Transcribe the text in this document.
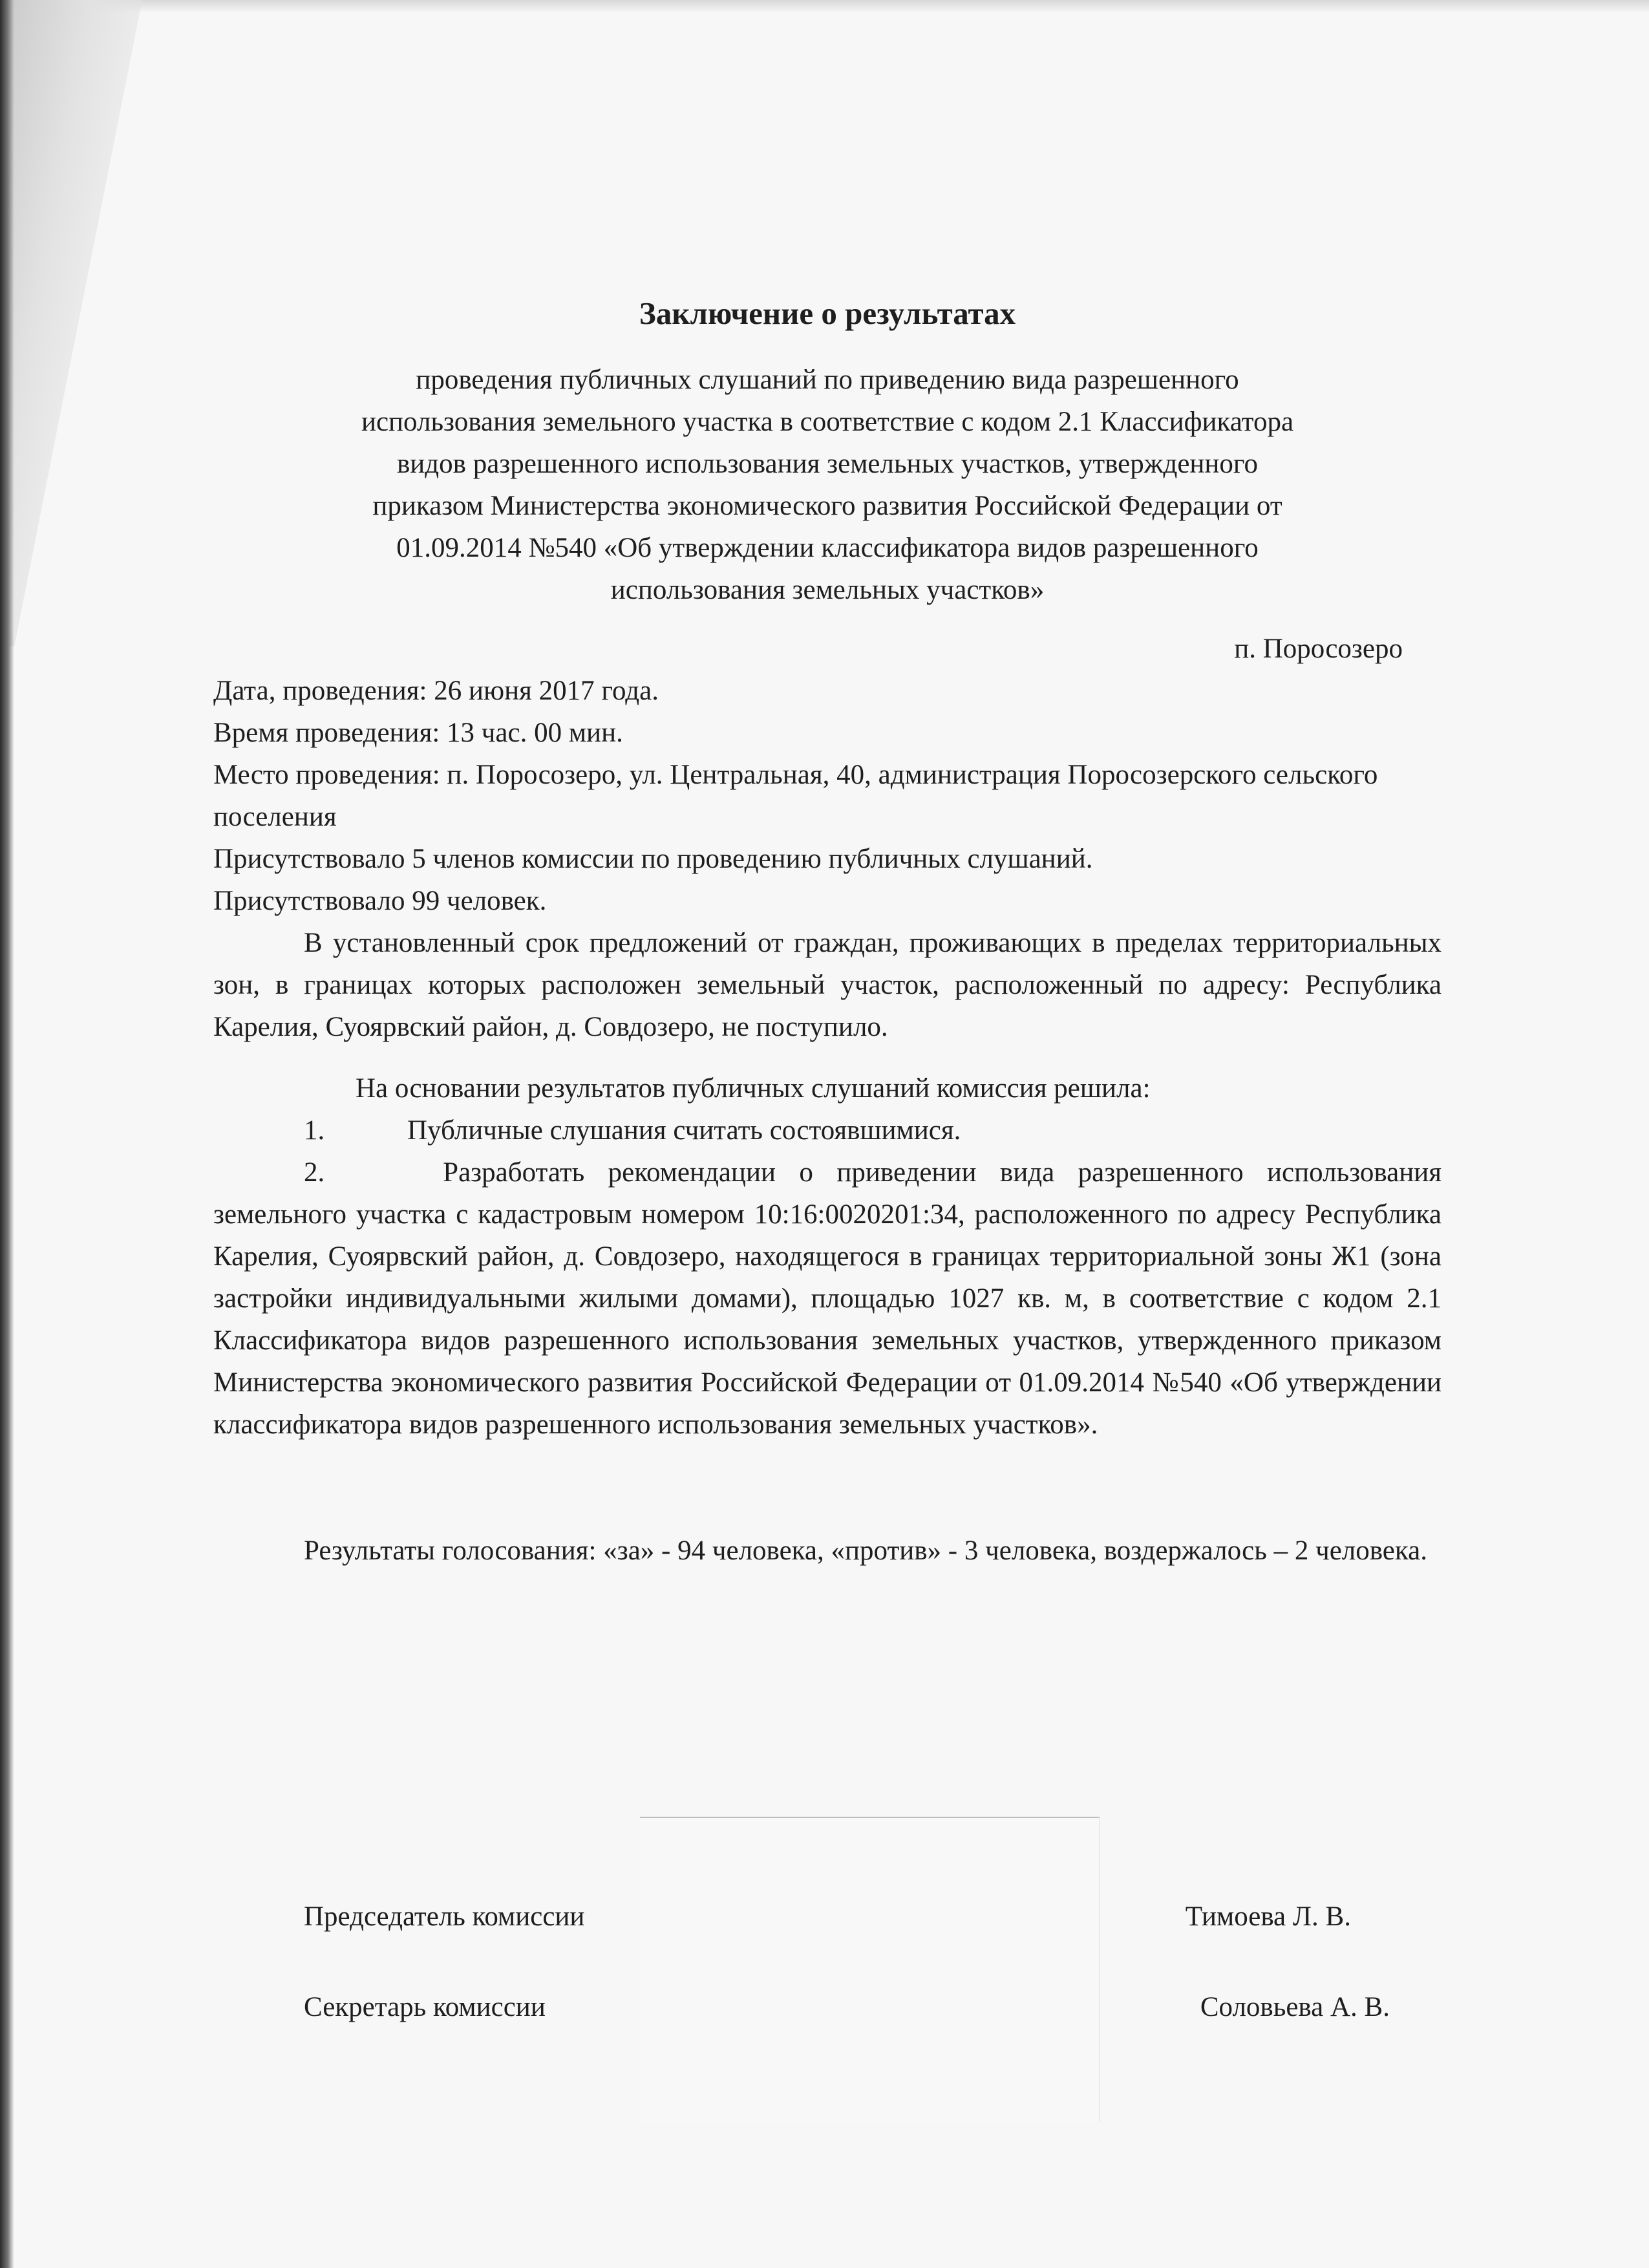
Заключение о результатах
проведения публичных слушаний по приведению вида разрешенного
использования земельного участка в соответствие с кодом 2.1 Классификатора
видов разрешенного использования земельных участков, утвержденного
приказом Министерства экономического развития Российской Федерации от
01.09.2014 №540 «Об утверждении классификатора видов разрешенного
использования земельных участков»

п. Поросозеро

Дата, проведения: 26 июня 2017 года.

Время проведения: 13 час. 00 мин.

Место проведения: п. Поросозеро, ул. Центральная, 40, администрация Поросозерского сельского поселения

Присутствовало 5 членов комиссии по проведению публичных слушаний.

Присутствовало 99 человек.

В установленный срок предложений от граждан, проживающих в пределах территориальных зон, в границах которых расположен земельный участок, расположенный по адресу: Республика Карелия, Суоярвский район, д. Совдозеро, не поступило.

На основании результатов публичных слушаний комиссия решила:

1.	Публичные слушания считать состоявшимися.

2.	Разработать рекомендации о приведении вида разрешенного использования земельного участка с кадастровым номером 10:16:0020201:34, расположенного по адресу Республика Карелия, Суоярвский район, д. Совдозеро, находящегося в границах территориальной зоны Ж1 (зона застройки индивидуальными жилыми домами), площадью 1027 кв. м, в соответствие с кодом 2.1 Классификатора видов разрешенного использования земельных участков, утвержденного приказом Министерства экономического развития Российской Федерации от 01.09.2014 №540 «Об утверждении классификатора видов разрешенного использования земельных участков».

Результаты голосования: «за» - 94 человека, «против» - 3 человека, воздержалось – 2 человека.

Председатель комиссии	Тимоева Л. В.
Секретарь комиссии	Соловьева А. В.
